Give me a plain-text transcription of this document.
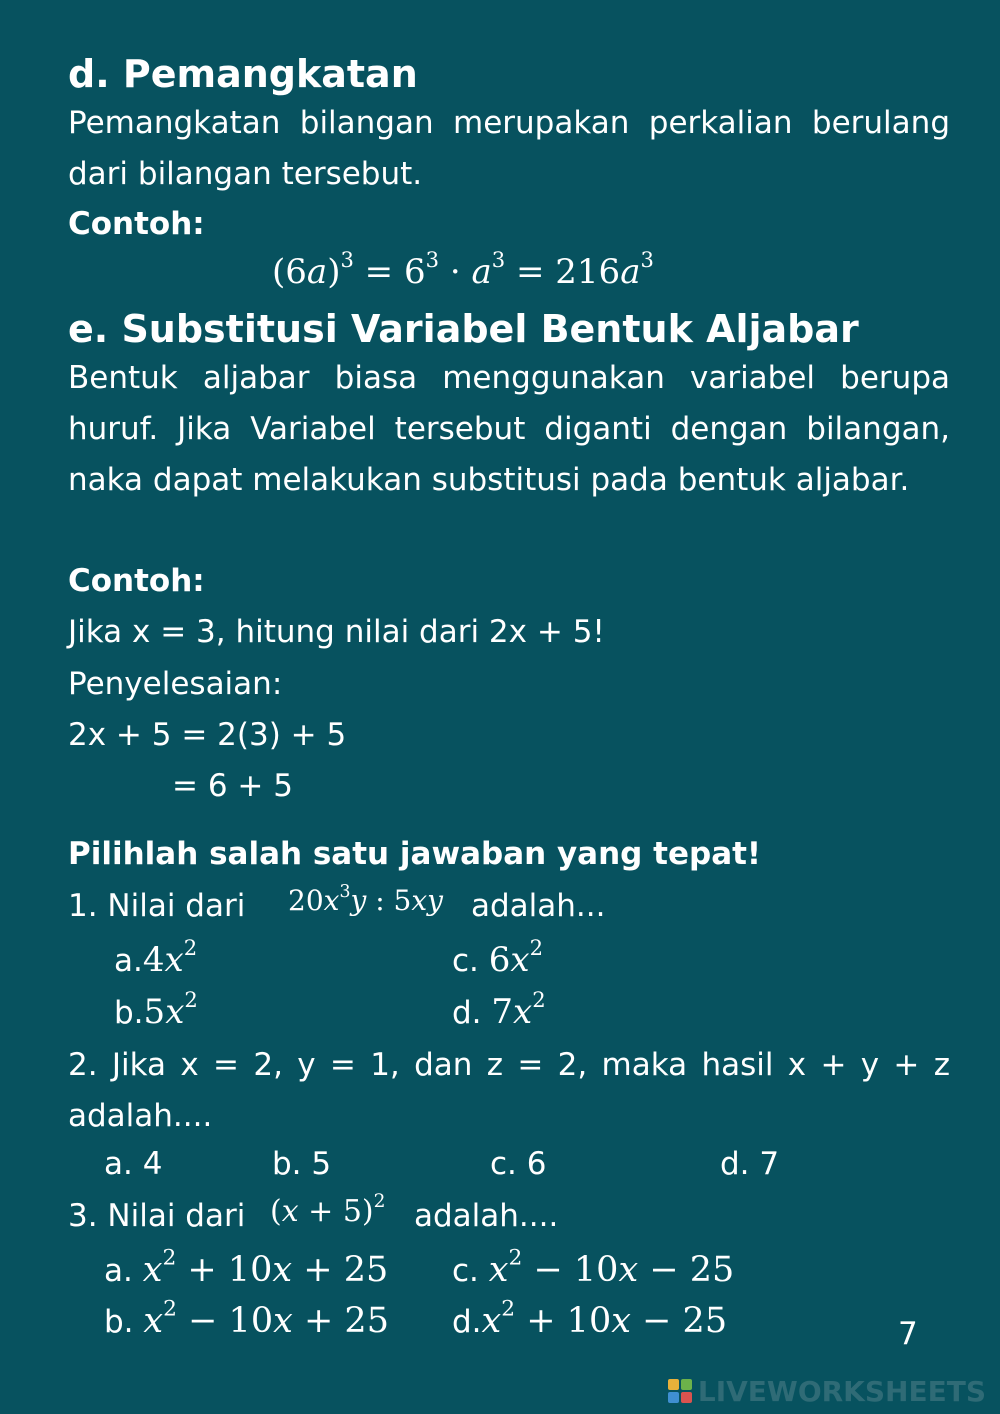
d. Pemangkatan
Pemangkatan bilangan merupakan perkalian berulang dari bilangan tersebut.
Contoh:
$(6a)^3 = 6^3 \cdot a^3 = 216a^3$
e. Substitusi Variabel Bentuk Aljabar
Bentuk aljabar biasa menggunakan variabel berupa huruf. Jika Variabel tersebut diganti dengan bilangan, naka dapat melakukan substitusi pada bentuk aljabar.
Contoh:
Jika x = 3, hitung nilai dari 2x + 5!
Penyelesaian:
2x + 5 = 2(3) + 5
= 6 + 5
Pilihlah salah satu jawaban yang tepat!
1. Nilai dari $20x^3y$ : 5xy adalah...
$a.4x^2$	c. $6x^2$
$b.5x^2$	d. $7x^2$
2. Jika x = 2, y = 1, dan z = 2, maka hasil x + y + z adalah....
a. 4	b. 5	c. 6	d. 7
3. Nilai dari $(x + 5)^2$ adalah....
a. $x^2 + 10x + 25$ c. $x^2 - 10x - 25$
b. $x^2 - 10x + 25$ $d.x^2 + 10x - 25$	7
LIVEWORKSHEETS
